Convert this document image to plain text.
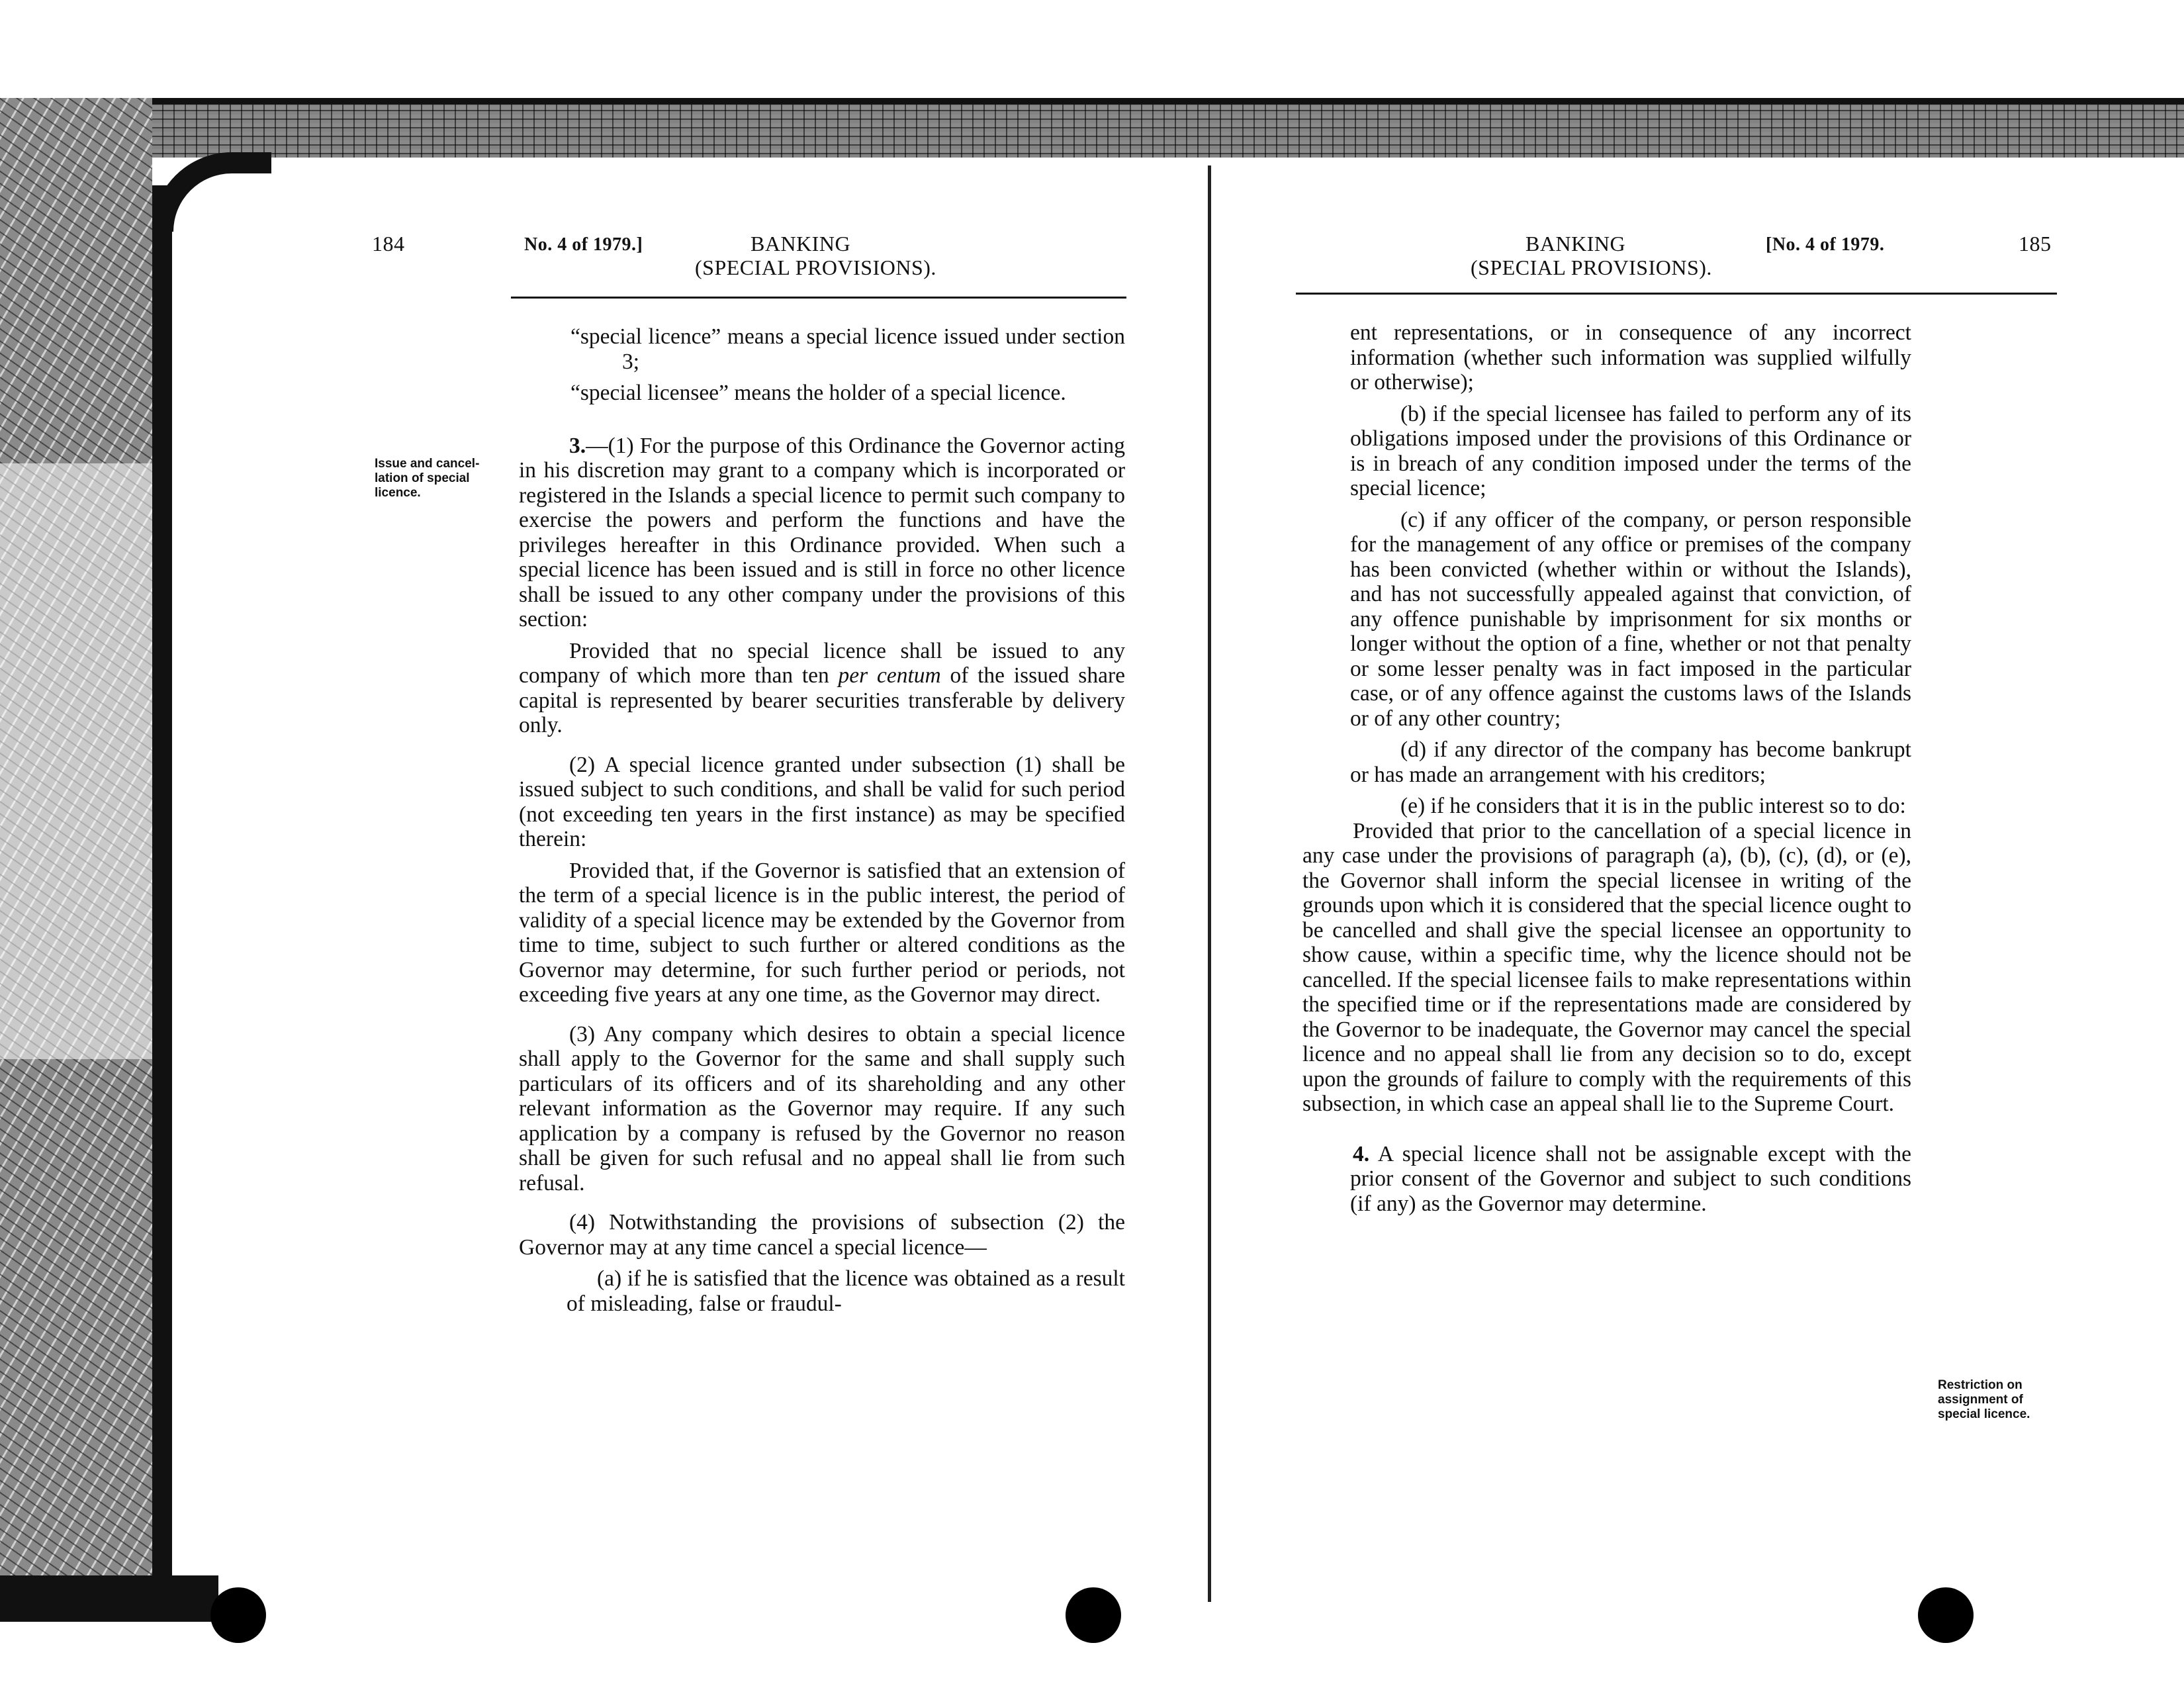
184	No. 4 of 1979.]	BANKING
(SPECIAL PROVISIONS).
Issue and cancel-lation of special licence.

“special licence” means a special licence issued under section 3;

“special licensee” means the holder of a special licence.

3.—(1) For the purpose of this Ordinance the Governor acting in his discretion may grant to a company which is incorporated or registered in the Islands a special licence to permit such company to exercise the powers and perform the functions and have the privileges hereafter in this Ordinance provided. When such a special licence has been issued and is still in force no other licence shall be issued to any other company under the provisions of this section:

Provided that no special licence shall be issued to any company of which more than ten per centum of the issued share capital is represented by bearer securities transferable by delivery only.

(2) A special licence granted under subsection (1) shall be issued subject to such conditions, and shall be valid for such period (not exceeding ten years in the first instance) as may be specified therein:

Provided that, if the Governor is satisfied that an extension of the term of a special licence is in the public interest, the period of validity of a special licence may be extended by the Governor from time to time, subject to such further or altered conditions as the Governor may determine, for such further period or periods, not exceeding five years at any one time, as the Governor may direct.

(3) Any company which desires to obtain a special licence shall apply to the Governor for the same and shall supply such particulars of its officers and of its shareholding and any other relevant information as the Governor may require. If any such application by a company is refused by the Governor no reason shall be given for such refusal and no appeal shall lie from such refusal.

(4) Notwithstanding the provisions of subsection (2) the Governor may at any time cancel a special licence—

(a) if he is satisfied that the licence was obtained as a result of misleading, false or fraudul-

BANKING
(SPECIAL PROVISIONS).
[No. 4 of 1979.	185

ent representations, or in consequence of any incorrect information (whether such information was supplied wilfully or otherwise);

(b) if the special licensee has failed to perform any of its obligations imposed under the provisions of this Ordinance or is in breach of any condition imposed under the terms of the special licence;

(c) if any officer of the company, or person responsible for the management of any office or premises of the company has been convicted (whether within or without the Islands), and has not successfully appealed against that conviction, of any offence punishable by imprisonment for six months or longer without the option of a fine, whether or not that penalty or some lesser penalty was in fact imposed in the particular case, or of any offence against the customs laws of the Islands or of any other country;

(d) if any director of the company has become bankrupt or has made an arrangement with his creditors;

(e) if he considers that it is in the public interest so to do:

Provided that prior to the cancellation of a special licence in any case under the provisions of paragraph (a), (b), (c), (d), or (e), the Governor shall inform the special licensee in writing of the grounds upon which it is considered that the special licence ought to be cancelled and shall give the special licensee an opportunity to show cause, within a specific time, why the licence should not be cancelled. If the special licensee fails to make representations within the specified time or if the representations made are considered by the Governor to be inadequate, the Governor may cancel the special licence and no appeal shall lie from any decision so to do, except upon the grounds of failure to comply with the requirements of this subsection, in which case an appeal shall lie to the Supreme Court.

4. A special licence shall not be assignable except with the prior consent of the Governor and subject to such conditions (if any) as the Governor may determine.

Restriction on assignment of special licence.
